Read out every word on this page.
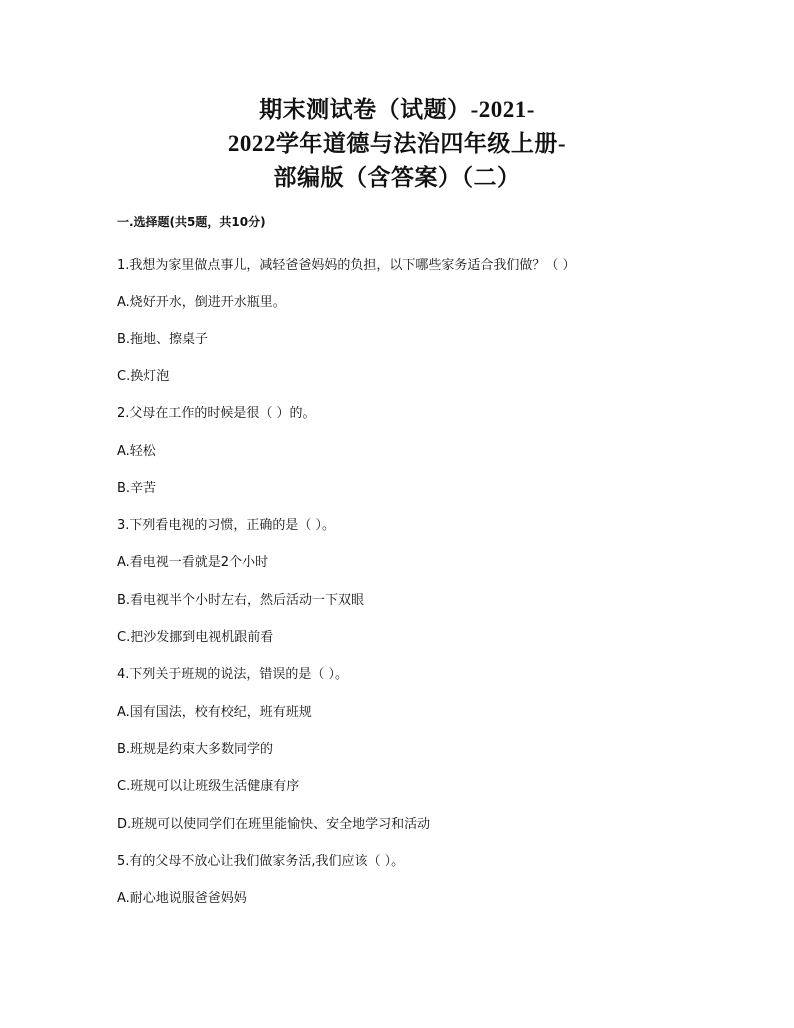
期末测试卷（试题）-2021-
2022学年道德与法治四年级上册-
部编版（含答案）（二）
一.选择题(共5题，共10分)
1.我想为家里做点事儿，减轻爸爸妈妈的负担，以下哪些家务适合我们做？（ ）
A.烧好开水，倒进开水瓶里。
B.拖地、擦桌子
C.换灯泡
2.父母在工作的时候是很（ ）的。
A.轻松
B.辛苦
3.下列看电视的习惯，正确的是（ ）。
A.看电视一看就是2个小时
B.看电视半个小时左右，然后活动一下双眼
C.把沙发挪到电视机跟前看
4.下列关于班规的说法，错误的是（ ）。
A.国有国法，校有校纪，班有班规
B.班规是约束大多数同学的
C.班规可以让班级生活健康有序
D.班规可以使同学们在班里能愉快、安全地学习和活动
5.有的父母不放心让我们做家务活,我们应该（ ）。
A.耐心地说服爸爸妈妈
